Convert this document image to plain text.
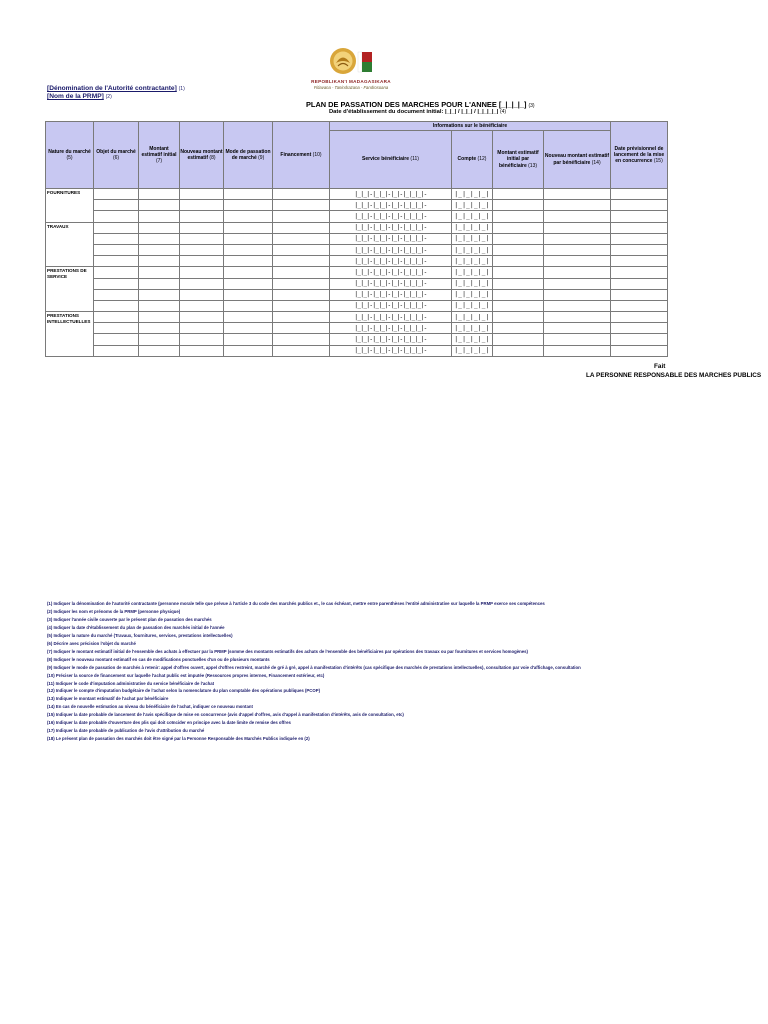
REPOBLIKAN'I MADAGASIKARA
Fitiavana - Tanindrazana - Fandrosoana
[Dénomination de l'Autorité contractante] (1)
[Nom de la PRMP] (2)
PLAN DE PASSATION DES MARCHES POUR L'ANNEE [_|_|_|_] (3)
Date d'établissement du document initial: |_|_| / |_|_| / |_|_|_|_| (4)
Nature du marché (5)	Objet du marché (6)	Montant estimatif initial (7)	Nouveau montant estimatif (8)	Mode de passation de marché (9)	Financement (10)	Informations sur le bénéficiaire				Date prévisionnel de lancement de la mise en concurrence (15)
						Service bénéficiaire (11)	Compte (12)	Montant estimatif initial par bénéficiaire (13)	Nouveau montant estimatif par bénéficiaire (14)	
FOURNITURES						|_|_|-|_|_|-|_|-|_|_|_|-	|_|_|_|_|			
						|_|_|-|_|_|-|_|-|_|_|_|-	|_|_|_|_|			
						|_|_|-|_|_|-|_|-|_|_|_|-	|_|_|_|_|			
TRAVAUX						|_|_|-|_|_|-|_|-|_|_|_|-	|_|_|_|_|			
						|_|_|-|_|_|-|_|-|_|_|_|-	|_|_|_|_|			
						|_|_|-|_|_|-|_|-|_|_|_|-	|_|_|_|_|			
						|_|_|-|_|_|-|_|-|_|_|_|-	|_|_|_|_|			
PRESTATIONS DE SERVICE						|_|_|-|_|_|-|_|-|_|_|_|-	|_|_|_|_|			
						|_|_|-|_|_|-|_|-|_|_|_|-	|_|_|_|_|			
						|_|_|-|_|_|-|_|-|_|_|_|-	|_|_|_|_|			
						|_|_|-|_|_|-|_|-|_|_|_|-	|_|_|_|_|			
PRESTATIONS INTELLECTUELLES						|_|_|-|_|_|-|_|-|_|_|_|-	|_|_|_|_|			
						|_|_|-|_|_|-|_|-|_|_|_|-	|_|_|_|_|			
						|_|_|-|_|_|-|_|-|_|_|_|-	|_|_|_|_|			
						|_|_|-|_|_|-|_|-|_|_|_|-	|_|_|_|_|			
Fait
LA PERSONNE RESPONSABLE DES MARCHES PUBLICS
(1) Indiquer la dénomination de l'autorité contractante (personne morale telle que prévue à l'article 3 du code des marchés publics et., le cas échéant, mettre entre parenthèses l'entité administrative sur laquelle la PRMP exerce ses compétences
(2) Indiquer les nom et prénoms de la PRMP (personne physique)
(3) Indiquer l'année civile couverte par le présent plan de passation des marchés
(4) Indiquer la date d'établissement du plan de passation des marchés initial de l'année
(5) Indiquer la nature du marché (Travaux, fournitures, services, prestations intellectuelles)
(6) Décrire avec précision l'objet du marché
(7) Indiquer le montant estimatif initial de l'ensemble des achats à effectuer par la PRMP (somme des montants estimatifs des achats de l'ensemble des bénéficiaires par opérations des travaux ou par fournitures et services homogènes)
(8) Indiquer le nouveau montant estimatif en cas de modifications ponctuelles d'un ou de plusieurs montants
(9) Indiquer le mode de passation de marchés à retenir: appel d'offres ouvert, appel d'offres restreint, marché de gré à gré, appel à manifestation d'intérêts (cas spécifique des marchés de prestations intellectuelles), consultation par voie d'affichage, consultation
(10) Préciser la source de financement sur laquelle l'achat public est imputée (Ressources propres internes, Financement extérieur, etc)
(11) Indiquer le code d'imputation administrative du service bénéficiaire de l'achat
(12) Indiquer le compte d'imputation budgétaire de l'achat selon la nomenclature du plan comptable des opérations publiques (PCOP)
(13) Indiquer le montant estimatif de l'achat par bénéficiaire
(14) En cas de nouvelle estimation au niveau du bénéficiaire de l'achat, indiquer ce nouveau montant
(15) Indiquer la date probable de lancement de l'avis spécifique de mise en concurrence (avis d'appel d'offres, avis d'appel à manifestation d'intérêts, avis de consultation, etc)
(16) Indiquer la date probable d'ouverture des plis qui doit coïncider en principe avec la date limite de remise des offres
(17) Indiquer la date probable de publication de l'avis d'attribution du marché
(18) Le présent plan de passation des marchés doit être signé par la Personne Responsable des Marchés Publics indiquée en (2)
